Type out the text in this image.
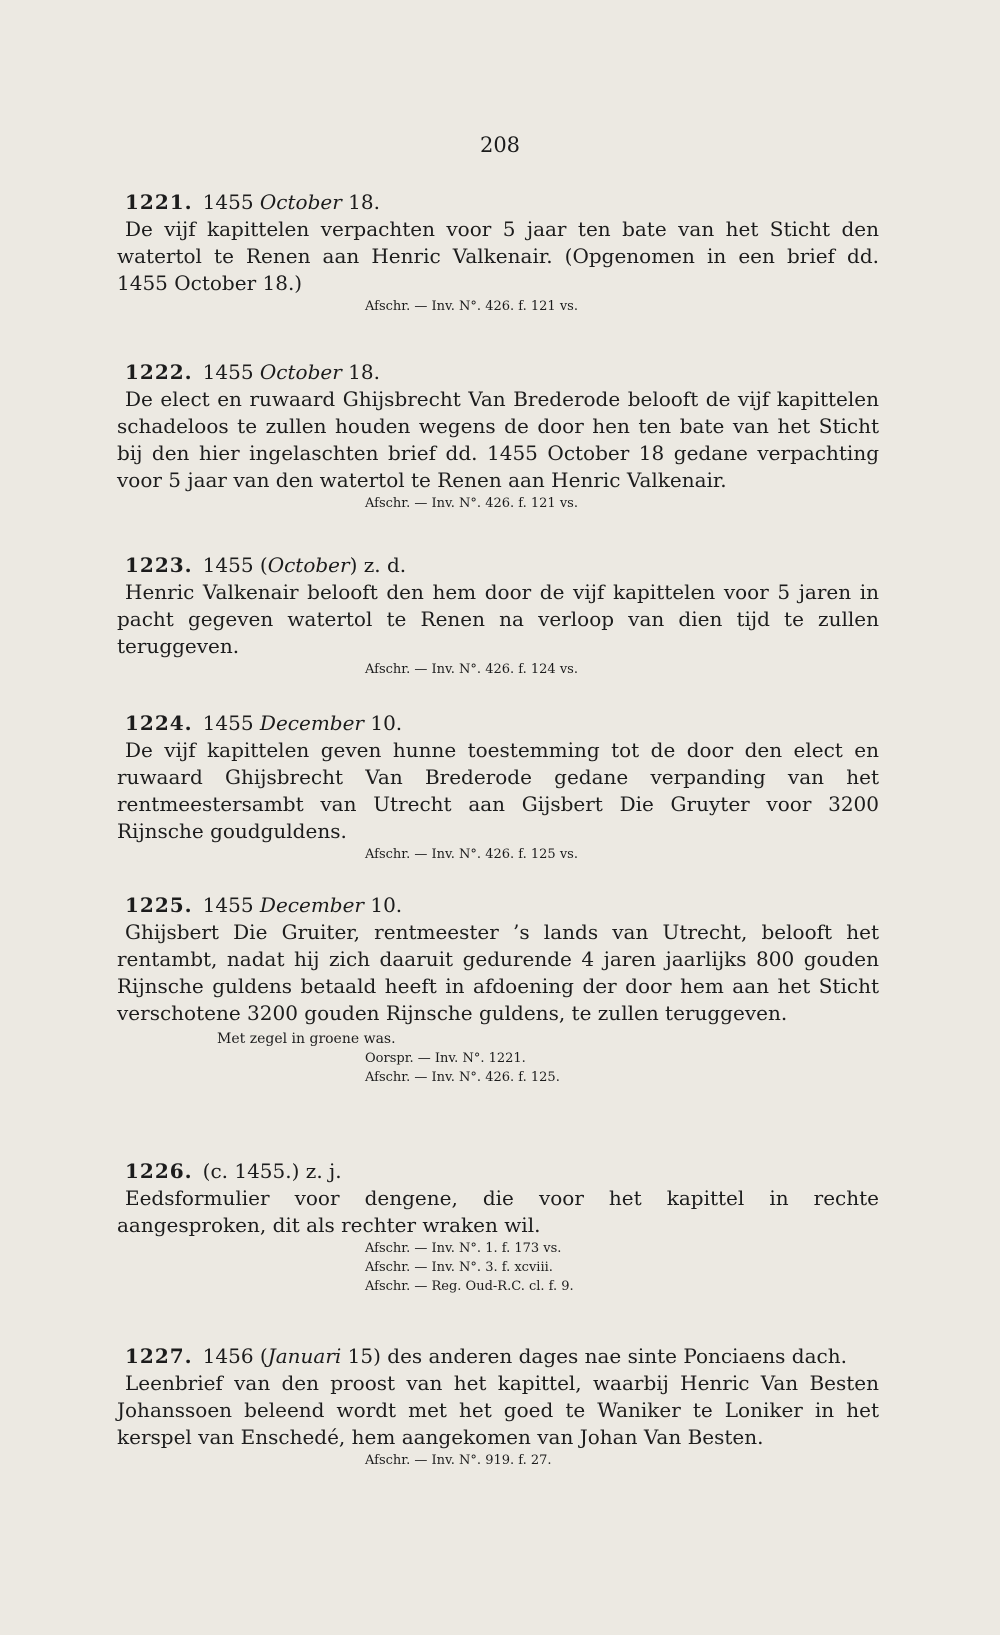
208
1221. 1455 October 18.
De vijf kapittelen verpachten voor 5 jaar ten bate van het Sticht den watertol te Renen aan Henric Valkenair. (Opgenomen in een brief dd. 1455 October 18.)
Afschr. — Inv. N°. 426. f. 121 vs.
1222. 1455 October 18.
De elect en ruwaard Ghijsbrecht Van Brederode belooft de vijf kapittelen schadeloos te zullen houden wegens de door hen ten bate van het Sticht bij den hier ingelaschten brief dd. 1455 October 18 gedane verpachting voor 5 jaar van den watertol te Renen aan Henric Valkenair.
Afschr. — Inv. N°. 426. f. 121 vs.
1223. 1455 (October) z. d.
Henric Valkenair belooft den hem door de vijf kapittelen voor 5 jaren in pacht gegeven watertol te Renen na verloop van dien tijd te zullen teruggeven.
Afschr. — Inv. N°. 426. f. 124 vs.
1224. 1455 December 10.
De vijf kapittelen geven hunne toestemming tot de door den elect en ruwaard Ghijsbrecht Van Brederode gedane verpanding van het rentmeestersambt van Utrecht aan Gijsbert Die Gruyter voor 3200 Rijnsche goudguldens.
Afschr. — Inv. N°. 426. f. 125 vs.
1225. 1455 December 10.
Ghijsbert Die Gruiter, rentmeester ’s lands van Utrecht, belooft het rentambt, nadat hij zich daaruit gedurende 4 jaren jaarlijks 800 gouden Rijnsche guldens betaald heeft in afdoening der door hem aan het Sticht verschotene 3200 gouden Rijnsche guldens, te zullen teruggeven.
Met zegel in groene was.
Oorspr. — Inv. N°. 1221.
Afschr. — Inv. N°. 426. f. 125.
1226. (c. 1455.) z. j.
Eedsformulier voor dengene, die voor het kapittel in rechte aangesproken, dit als rechter wraken wil.
Afschr. — Inv. N°. 1. f. 173 vs.
Afschr. — Inv. N°. 3. f. xcviii.
Afschr. — Reg. Oud-R.C. cl. f. 9.
1227. 1456 (Januari 15) des anderen dages nae sinte Ponciaens dach.
Leenbrief van den proost van het kapittel, waarbij Henric Van Besten Johanssoen beleend wordt met het goed te Waniker te Loniker in het kerspel van Enschedé, hem aangekomen van Johan Van Besten.
Afschr. — Inv. N°. 919. f. 27.
